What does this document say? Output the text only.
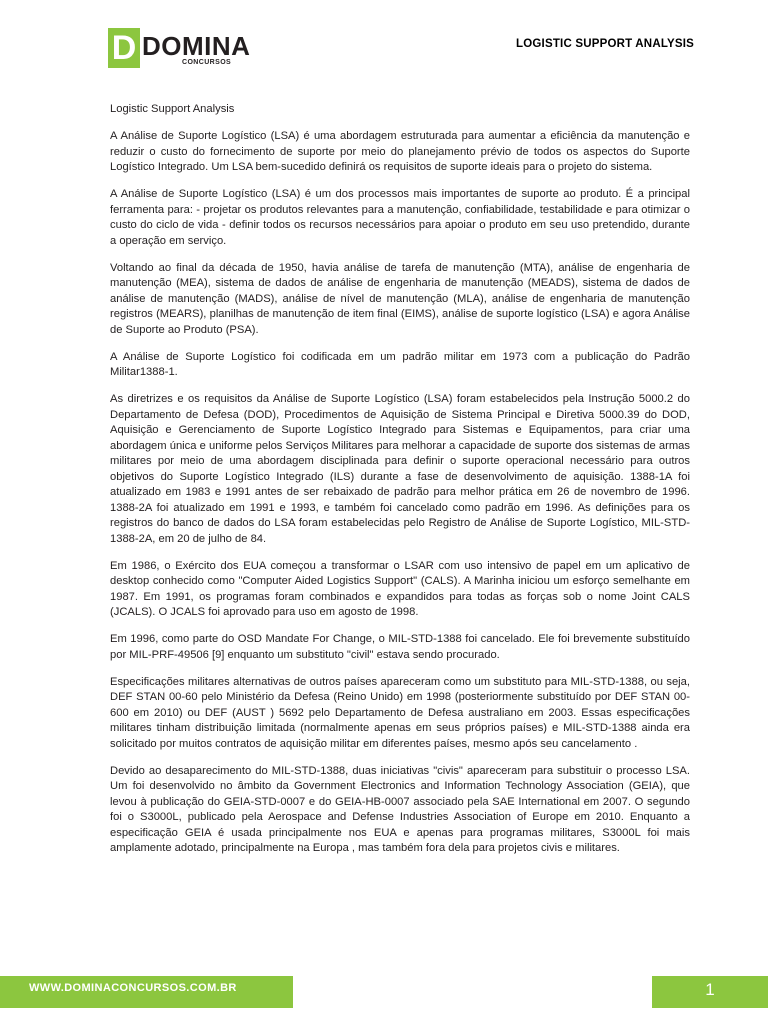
D DOMINA
CONCURSOS
LOGISTIC SUPPORT ANALYSIS
Logistic Support Analysis

A Análise de Suporte Logístico (LSA) é uma abordagem estruturada para aumentar a eficiência da manutenção e reduzir o custo do fornecimento de suporte por meio do planejamento prévio de todos os aspectos do Suporte Logístico Integrado. Um LSA bem-sucedido definirá os requisitos de suporte ideais para o projeto do sistema.

A Análise de Suporte Logístico (LSA) é um dos processos mais importantes de suporte ao produto. É a principal ferramenta para: - projetar os produtos relevantes para a manutenção, confiabilidade, testabilidade e para otimizar o custo do ciclo de vida - definir todos os recursos necessários para apoiar o produto em seu uso pretendido, durante a operação em serviço.

Voltando ao final da década de 1950, havia análise de tarefa de manutenção (MTA), análise de engenharia de manutenção (MEA), sistema de dados de análise de engenharia de manutenção (MEADS), sistema de dados de análise de manutenção (MADS), análise de nível de manutenção (MLA), análise de engenharia de manutenção registros (MEARS), planilhas de manutenção de item final (EIMS), análise de suporte logístico (LSA) e agora Análise de Suporte ao Produto (PSA).

A Análise de Suporte Logístico foi codificada em um padrão militar em 1973 com a publicação do Padrão Militar1388-1.

As diretrizes e os requisitos da Análise de Suporte Logístico (LSA) foram estabelecidos pela Instrução 5000.2 do Departamento de Defesa (DOD), Procedimentos de Aquisição de Sistema Principal e Diretiva 5000.39 do DOD, Aquisição e Gerenciamento de Suporte Logístico Integrado para Sistemas e Equipamentos, para criar uma abordagem única e uniforme pelos Serviços Militares para melhorar a capacidade de suporte dos sistemas de armas militares por meio de uma abordagem disciplinada para definir o suporte operacional necessário para outros objetivos do Suporte Logístico Integrado (ILS) durante a fase de desenvolvimento de aquisição. 1388-1A foi atualizado em 1983 e 1991 antes de ser rebaixado de padrão para melhor prática em 26 de novembro de 1996. 1388-2A foi atualizado em 1991 e 1993, e também foi cancelado como padrão em 1996. As definições para os registros do banco de dados do LSA foram estabelecidas pelo Registro de Análise de Suporte Logístico, MIL-STD-1388-2A, em 20 de julho de 84.

Em 1986, o Exército dos EUA começou a transformar o LSAR com uso intensivo de papel em um aplicativo de desktop conhecido como "Computer Aided Logistics Support" (CALS). A Marinha iniciou um esforço semelhante em 1987. Em 1991, os programas foram combinados e expandidos para todas as forças sob o nome Joint CALS (JCALS). O JCALS foi aprovado para uso em agosto de 1998.

Em 1996, como parte do OSD Mandate For Change, o MIL-STD-1388 foi cancelado. Ele foi brevemente substituído por MIL-PRF-49506 [9] enquanto um substituto "civil" estava sendo procurado.

Especificações militares alternativas de outros países apareceram como um substituto para MIL-STD-1388, ou seja, DEF STAN 00-60 pelo Ministério da Defesa (Reino Unido) em 1998 (posteriormente substituído por DEF STAN 00-600 em 2010) ou DEF (AUST ) 5692 pelo Departamento de Defesa australiano em 2003. Essas especificações militares tinham distribuição limitada (normalmente apenas em seus próprios países) e MIL-STD-1388 ainda era solicitado por muitos contratos de aquisição militar em diferentes países, mesmo após seu cancelamento .

Devido ao desaparecimento do MIL-STD-1388, duas iniciativas "civis" apareceram para substituir o processo LSA. Um foi desenvolvido no âmbito da Government Electronics and Information Technology Association (GEIA), que levou à publicação do GEIA-STD-0007 e do GEIA-HB-0007 associado pela SAE International em 2007. O segundo foi o S3000L, publicado pela Aerospace and Defense Industries Association of Europe em 2010. Enquanto a especificação GEIA é usada principalmente nos EUA e apenas para programas militares, S3000L foi mais amplamente adotado, principalmente na Europa , mas também fora dela para projetos civis e militares.

WWW.DOMINACONCURSOS.COM.BR	1
